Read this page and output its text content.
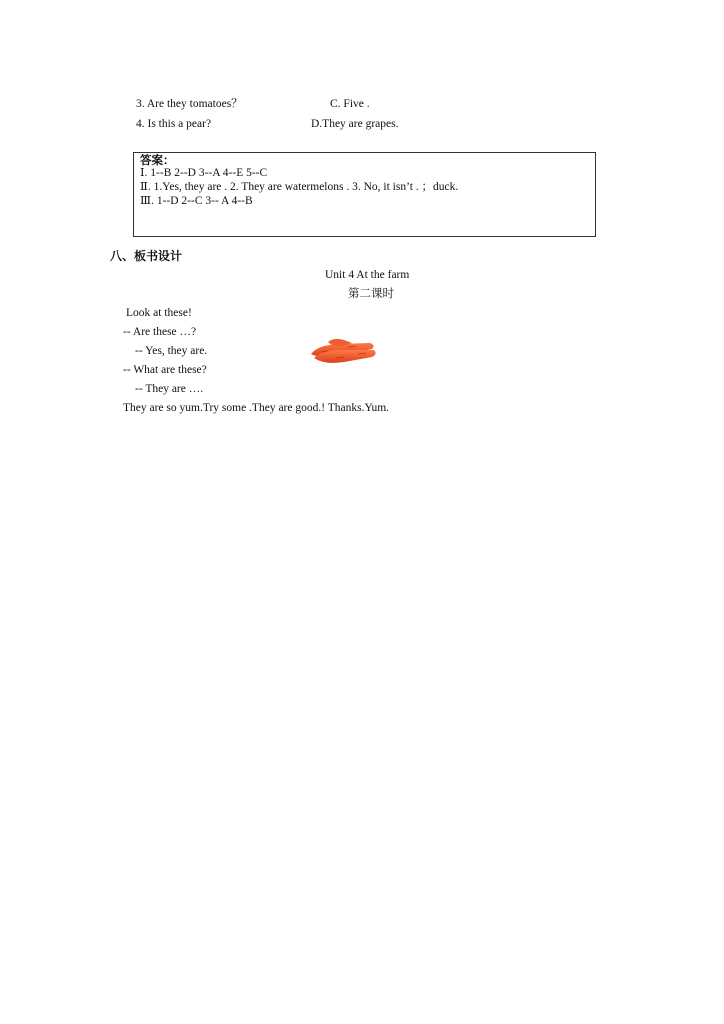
3. Are they tomatoes？	C. Five .
4. Is this a pear?	D.They are grapes.
答案：
Ⅰ. 1--B 2--D 3--A 4--E 5--C
Ⅱ. 1.Yes, they are . 2. They are watermelons . 3. No, it isn’t . ；duck.
Ⅲ. 1--D 2--C 3-- A 4--B
八、板书设计
Unit 4 At the farm
第二课时
Look at these!
-- Are these …?
-- Yes, they are.
-- What are these?
-- They are ….
They are so yum.Try some .They are good.! Thanks.Yum.
